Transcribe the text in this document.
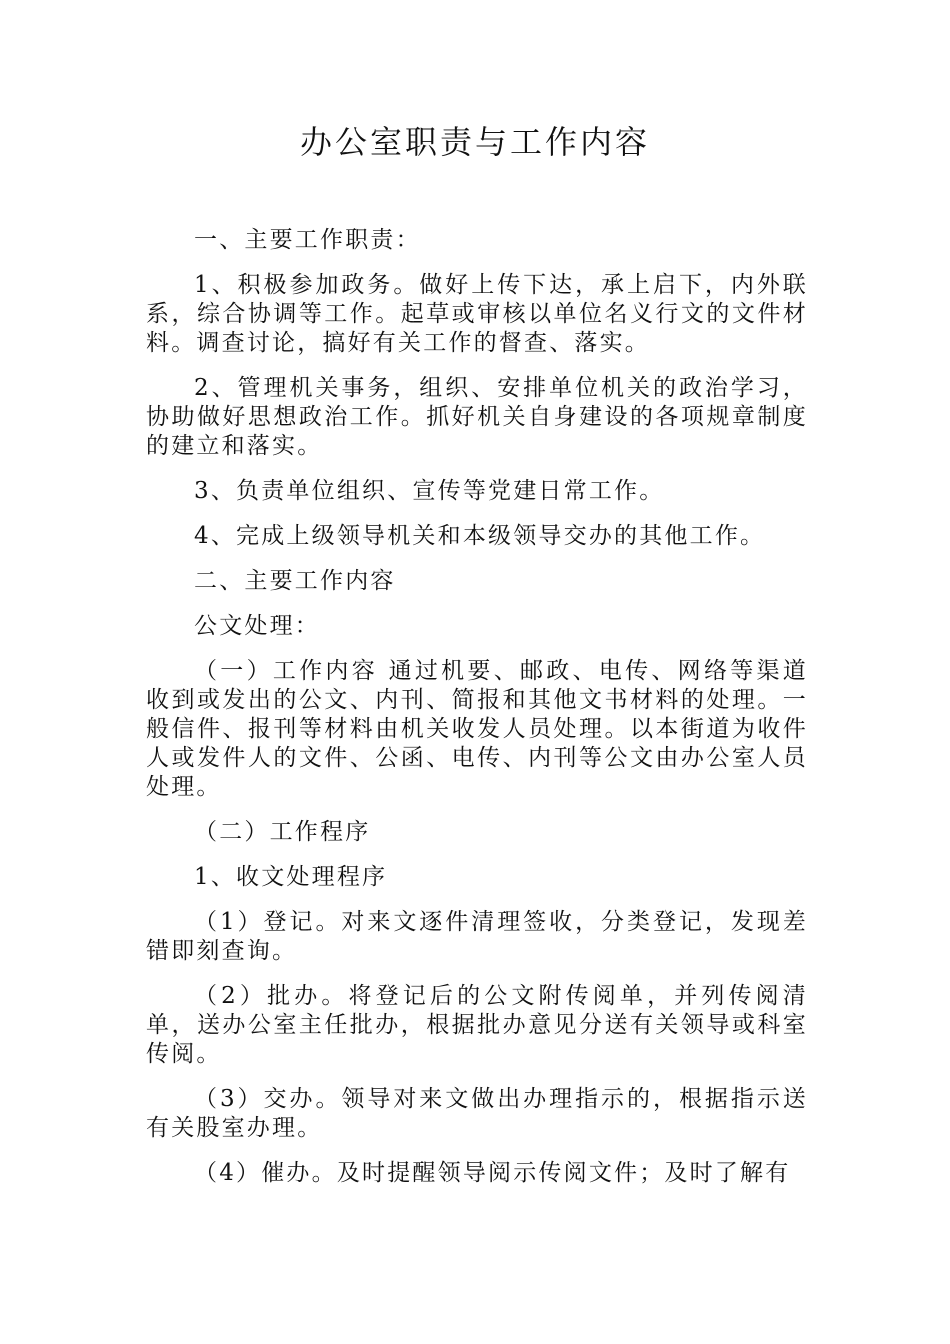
办公室职责与工作内容

一、主要工作职责：

1、积极参加政务。做好上传下达，承上启下，内外联系，综合协调等工作。起草或审核以单位名义行文的文件材料。调查讨论，搞好有关工作的督查、落实。

2、管理机关事务，组织、安排单位机关的政治学习，协助做好思想政治工作。抓好机关自身建设的各项规章制度的建立和落实。

3、负责单位组织、宣传等党建日常工作。

4、完成上级领导机关和本级领导交办的其他工作。

二、主要工作内容

公文处理：

（一）工作内容 通过机要、邮政、电传、网络等渠道收到或发出的公文、内刊、简报和其他文书材料的处理。一般信件、报刊等材料由机关收发人员处理。以本街道为收件人或发件人的文件、公函、电传、内刊等公文由办公室人员处理。

（二）工作程序

1、收文处理程序

（1）登记。对来文逐件清理签收，分类登记，发现差错即刻查询。

（2）批办。将登记后的公文附传阅单，并列传阅清单，送办公室主任批办，根据批办意见分送有关领导或科室传阅。

（3）交办。领导对来文做出办理指示的，根据指示送有关股室办理。

（4）催办。及时提醒领导阅示传阅文件；及时了解有
